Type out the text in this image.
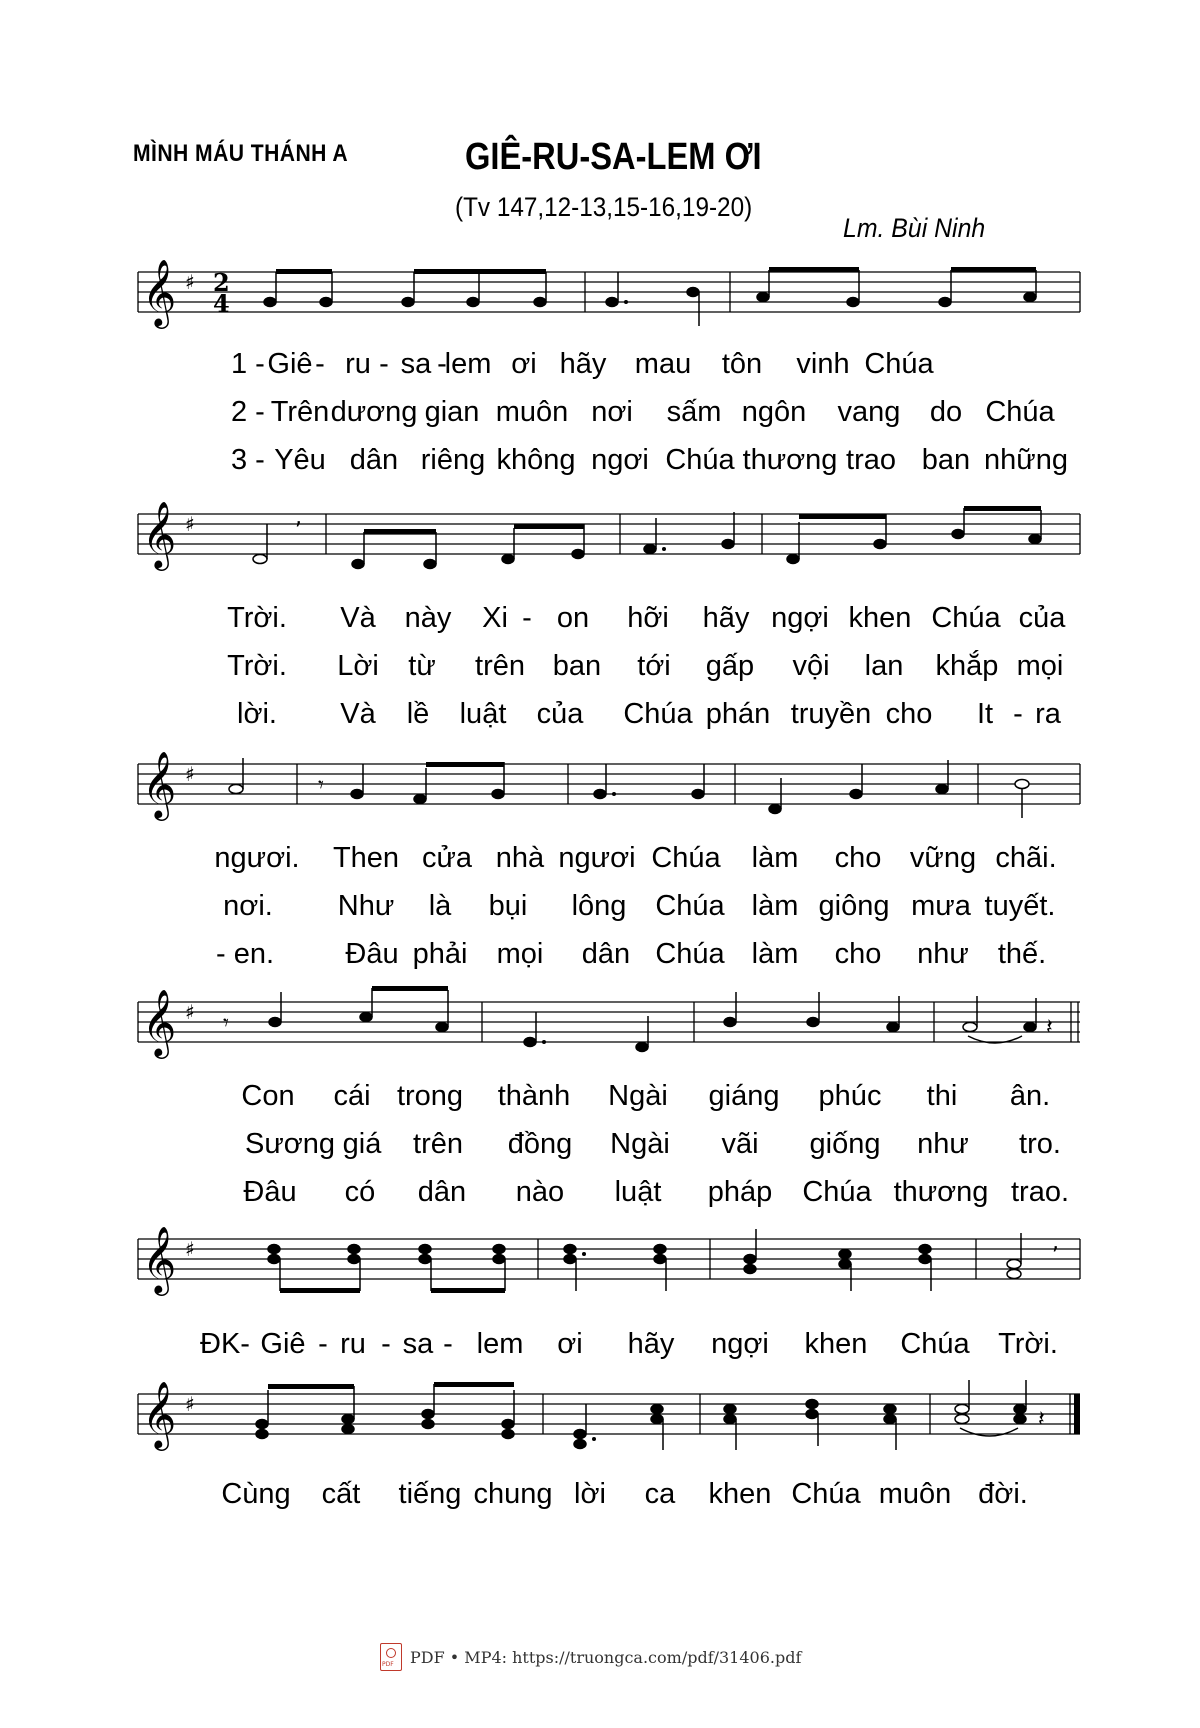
MÌNH MÁU THÁNH A	GIÊ-RU-SA-LEM ƠI
(Tv 147,12-13,15-16,19-20)
Lm. Bùi Ninh
𝄞 ♯ 2
4
1 - Giê - ru - sa -
lem ơi hãy mau tôn vinh Chúa
2 - Trên dương gian muôn nơi sấm ngôn vang do Chúa
3 - Yêu dân riêng không ngơi Chúa thương trao ban những
𝄞 ♯	,
Trời. Và này Xi - on hỡi hãy ngợi khen Chúa của
Trời. Lời từ trên ban tới gấp vội lan khắp mọi
lời. Và lề luật của Chúa phán truyền cho It - ra
𝄞 ♯	𝄾
ngươi. Then cửa nhà ngươi Chúa làm cho vững chãi.
nơi. Như là bụi lông Chúa làm giông mưa tuyết.
- en. Đâu phải mọi dân Chúa làm cho như thế.
𝄞 ♯ 𝄾	𝄽
Con cái trong thành Ngài giáng phúc thi ân.
Sương giá trên đồng Ngài vãi giống như tro.
Đâu có dân nào luật pháp Chúa thương trao.
𝄞 ♯	,
ĐK- Giê - ru - sa - lem ơi hãy ngợi khen Chúa Trời.
𝄞 ♯
𝄽
Cùng cất tiếng chung lời ca khen Chúa muôn đời.
PDF
PDF • MP4: https://truongca.com/pdf/31406.pdf
